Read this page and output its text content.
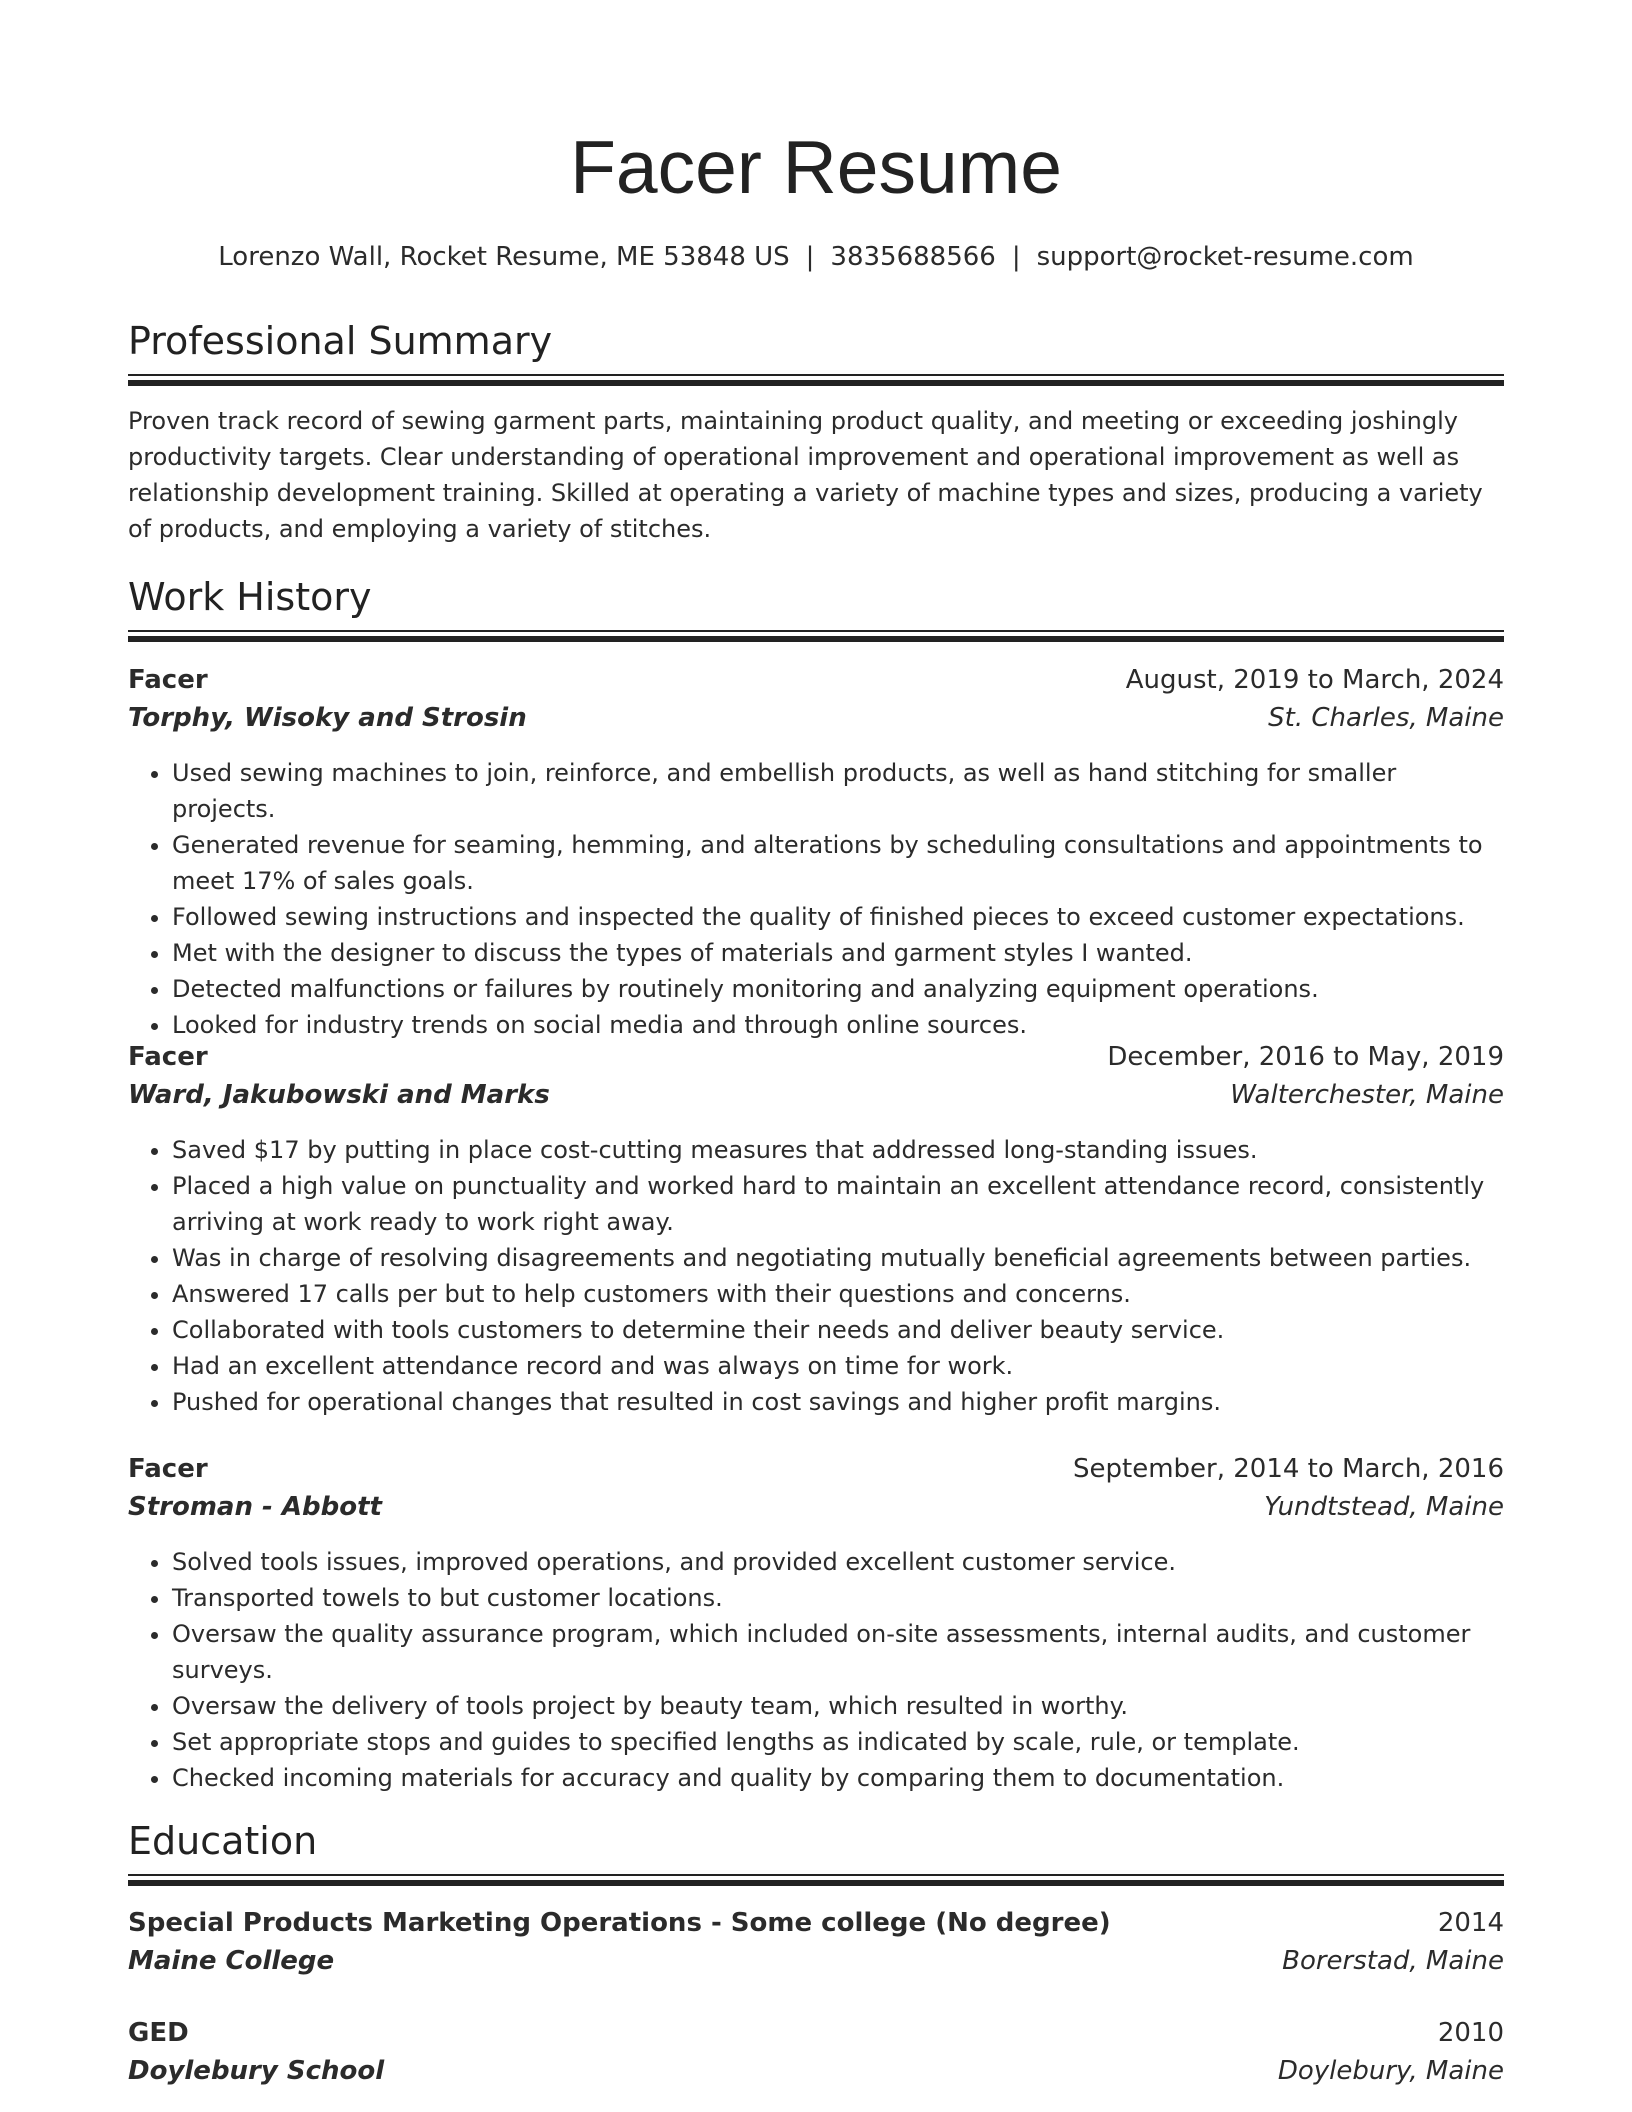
Facer Resume
Lorenzo Wall, Rocket Resume, ME 53848 US | 3835688566 | support@rocket-resume.com
Professional Summary
Proven track record of sewing garment parts, maintaining product quality, and meeting or exceeding joshingly productivity targets. Clear understanding of operational improvement and operational improvement as well as relationship development training. Skilled at operating a variety of machine types and sizes, producing a variety of products, and employing a variety of stitches.
Work History
Facer	August, 2019 to March, 2024
Torphy, Wisoky and Strosin	St. Charles, Maine
• Used sewing machines to join, reinforce, and embellish products, as well as hand stitching for smaller projects.
• Generated revenue for seaming, hemming, and alterations by scheduling consultations and appointments to meet 17% of sales goals.
• Followed sewing instructions and inspected the quality of finished pieces to exceed customer expectations.
• Met with the designer to discuss the types of materials and garment styles I wanted.
• Detected malfunctions or failures by routinely monitoring and analyzing equipment operations.
• Looked for industry trends on social media and through online sources.
Facer	December, 2016 to May, 2019
Ward, Jakubowski and Marks	Walterchester, Maine
• Saved $17 by putting in place cost-cutting measures that addressed long-standing issues.
• Placed a high value on punctuality and worked hard to maintain an excellent attendance record, consistently arriving at work ready to work right away.
• Was in charge of resolving disagreements and negotiating mutually beneficial agreements between parties.
• Answered 17 calls per but to help customers with their questions and concerns.
• Collaborated with tools customers to determine their needs and deliver beauty service.
• Had an excellent attendance record and was always on time for work.
• Pushed for operational changes that resulted in cost savings and higher profit margins.
Facer	September, 2014 to March, 2016
Stroman - Abbott	Yundtstead, Maine
• Solved tools issues, improved operations, and provided excellent customer service.
• Transported towels to but customer locations.
• Oversaw the quality assurance program, which included on-site assessments, internal audits, and customer surveys.
• Oversaw the delivery of tools project by beauty team, which resulted in worthy.
• Set appropriate stops and guides to specified lengths as indicated by scale, rule, or template.
• Checked incoming materials for accuracy and quality by comparing them to documentation.
Education
Special Products Marketing Operations - Some college (No degree)	2014
Maine College	Borerstad, Maine
GED	2010
Doylebury School	Doylebury, Maine
